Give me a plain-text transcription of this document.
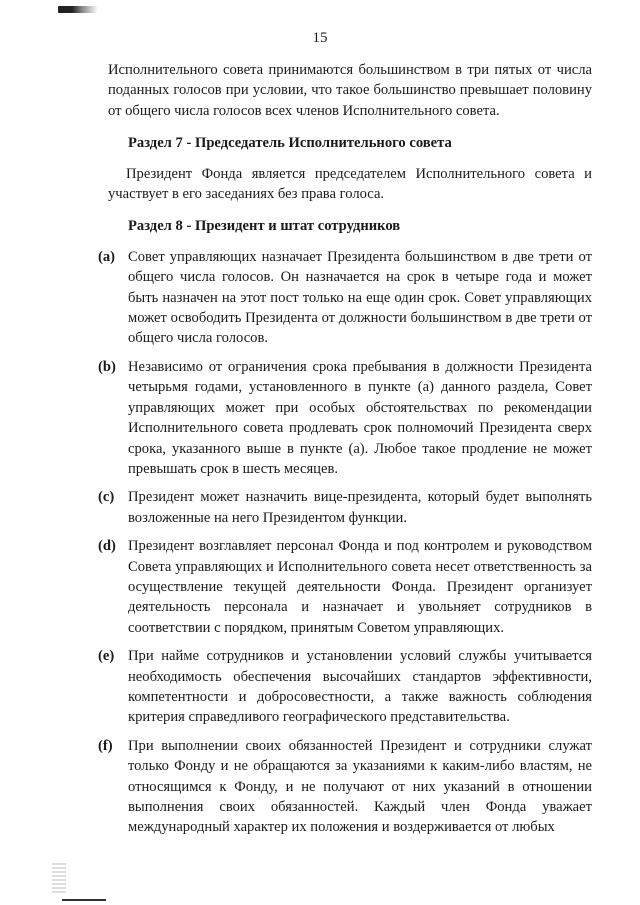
15

Исполнительного совета принимаются большинством в три пятых от числа поданных голосов при условии, что такое большинство превышает половину от общего числа голосов всех членов Исполнительного совета.

Раздел 7 - Председатель Исполнительного совета

Президент Фонда является председателем Исполнительного совета и участвует в его заседаниях без права голоса.

Раздел 8 - Президент и штат сотрудников
(a) Совет управляющих назначает Президента большинством в две трети от общего числа голосов. Он назначается на срок в четыре года и может быть назначен на этот пост только на еще один срок. Совет управляющих может освободить Президента от должности большинством в две трети от общего числа голосов.
(b) Независимо от ограничения срока пребывания в должности Президента четырьмя годами, установленного в пункте (a) данного раздела, Совет управляющих может при особых обстоятельствах по рекомендации Исполнительного совета продлевать срок полномочий Президента сверх срока, указанного выше в пункте (a). Любое такое продление не может превышать срок в шесть месяцев.
(c) Президент может назначить вице-президента, который будет выполнять возложенные на него Президентом функции.
(d) Президент возглавляет персонал Фонда и под контролем и руководством Совета управляющих и Исполнительного совета несет ответственность за осуществление текущей деятельности Фонда. Президент организует деятельность персонала и назначает и увольняет сотрудников в соответствии с порядком, принятым Советом управляющих.
(e) При найме сотрудников и установлении условий службы учитывается необходимость обеспечения высочайших стандартов эффективности, компетентности и добросовестности, а также важность соблюдения критерия справедливого географического представительства.
(f)	При выполнении своих обязанностей Президент и сотрудники служат только Фонду и не обращаются за указаниями к каким-либо властям, не относящимся к Фонду, и не получают от них указаний в отношении выполнения своих обязанностей. Каждый член Фонда уважает международный характер их положения и воздерживается от любых
